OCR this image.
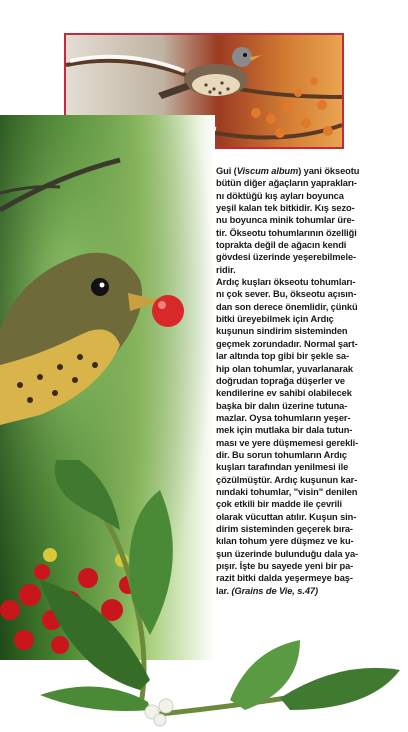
Gui (Viscum album) yani ökseotu
bütün diğer ağaçların yaprakları-
nı döktüğü kış ayları boyunca
yeşil kalan tek bitkidir. Kış sezo-
nu boyunca minik tohumlar üre-
tir. Ökseotu tohumlarının özelliği
toprakta değil de ağacın kendi
gövdesi üzerinde yeşerebilmele-
ridir.

Ardıç kuşları ökseotu tohumları-
nı çok sever. Bu, ökseotu açısın-
dan son derece önemlidir, çünkü
bitki üreyebilmek için Ardıç
kuşunun sindirim sisteminden
geçmek zorundadır. Normal şart-
lar altında top gibi bir şekle sa-
hip olan tohumlar, yuvarlanarak
doğrudan toprağa düşerler ve
kendilerine ev sahibi olabilecek
başka bir dalın üzerine tutuna-
mazlar. Oysa tohumların yeşer-
mek için mutlaka bir dala tutun-
ması ve yere düşmemesi gerekli-
dir. Bu sorun tohumların Ardıç
kuşları tarafından yenilmesi ile
çözülmüştür. Ardıç kuşunun kar-
nındaki tohumlar, "visin" denilen
çok etkili bir madde ile çevrili
olarak vücuttan atılır. Kuşun sin-
dirim sisteminden geçerek bıra-
kılan tohum yere düşmez ve ku-
şun üzerinde bulunduğu dala ya-
pışır. İşte bu sayede yeni bir pa-
razit bitki dalda yeşermeye baş-
lar. (Grains de Vie, s.47)
